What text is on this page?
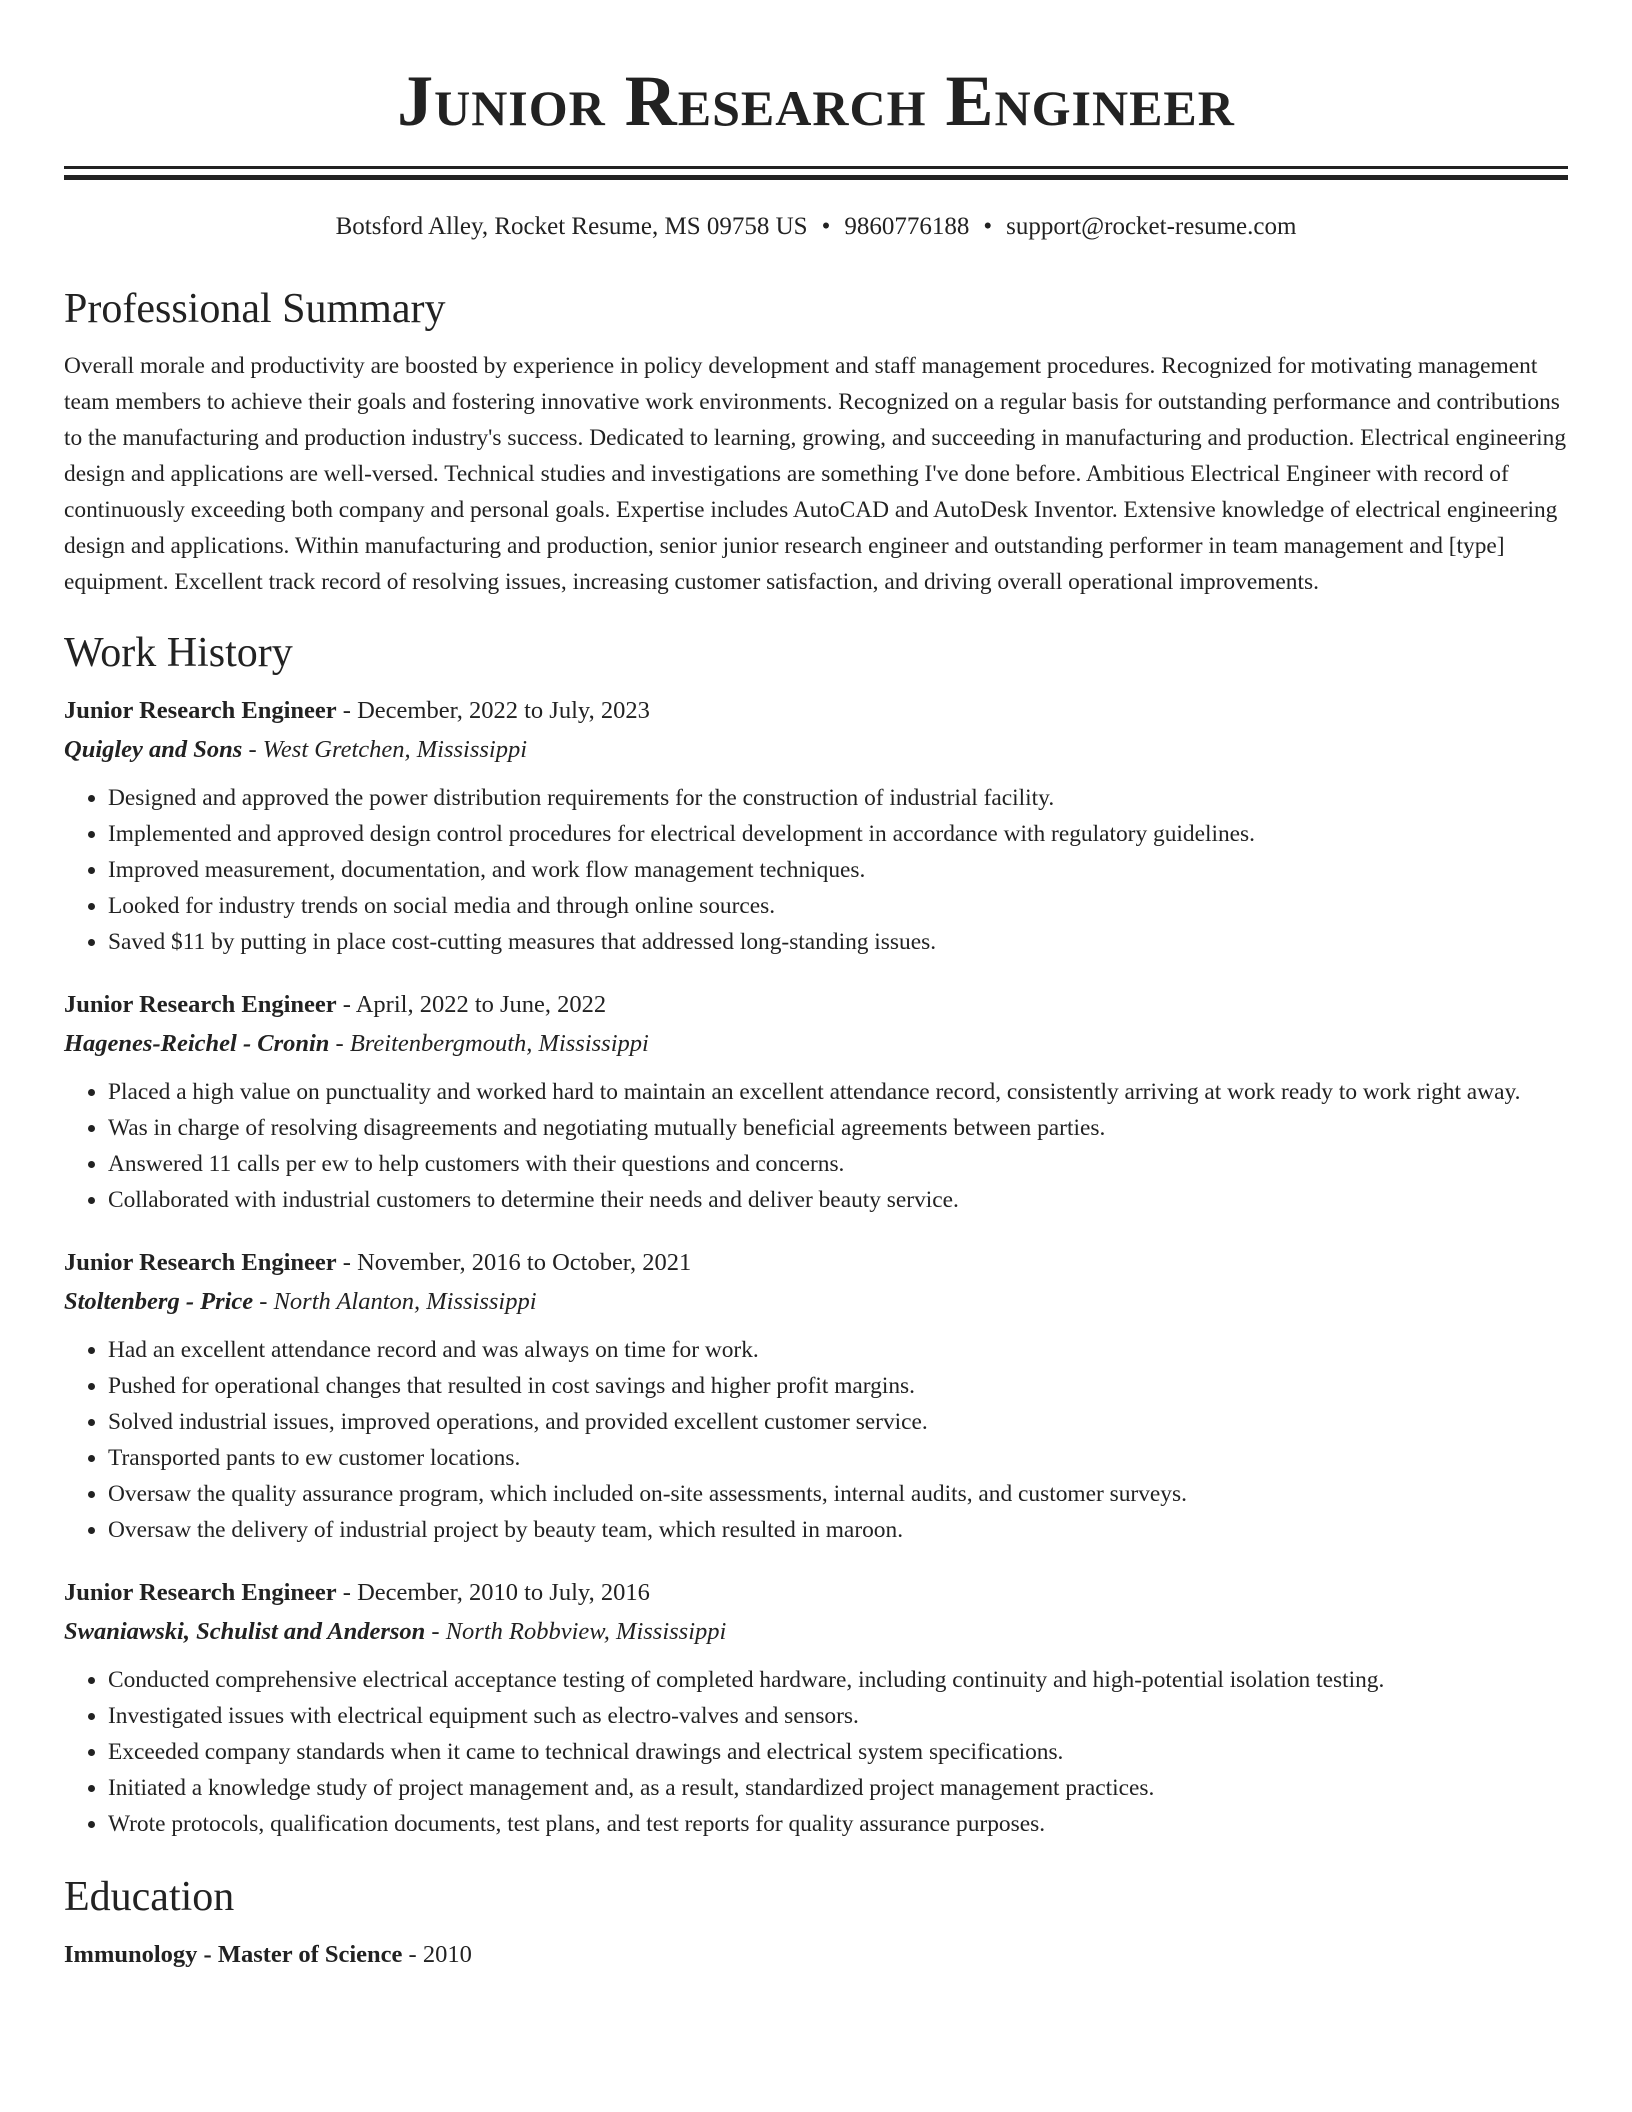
Junior Research Engineer
Botsford Alley, Rocket Resume, MS 09758 US • 9860776188 • support@rocket-resume.com
Professional Summary

Overall morale and productivity are boosted by experience in policy development and staff management procedures. Recognized for motivating management team members to achieve their goals and fostering innovative work environments. Recognized on a regular basis for outstanding performance and contributions to the manufacturing and production industry's success. Dedicated to learning, growing, and succeeding in manufacturing and production. Electrical engineering design and applications are well-versed. Technical studies and investigations are something I've done before. Ambitious Electrical Engineer with record of continuously exceeding both company and personal goals. Expertise includes AutoCAD and AutoDesk Inventor. Extensive knowledge of electrical engineering design and applications. Within manufacturing and production, senior junior research engineer and outstanding performer in team management and [type] equipment. Excellent track record of resolving issues, increasing customer satisfaction, and driving overall operational improvements.

Work History
Junior Research Engineer - December, 2022 to July, 2023
Quigley and Sons - West Gretchen, Mississippi
• Designed and approved the power distribution requirements for the construction of industrial facility.
• Implemented and approved design control procedures for electrical development in accordance with regulatory guidelines.
• Improved measurement, documentation, and work flow management techniques.
• Looked for industry trends on social media and through online sources.
• Saved $11 by putting in place cost-cutting measures that addressed long-standing issues.
Junior Research Engineer - April, 2022 to June, 2022
Hagenes-Reichel - Cronin - Breitenbergmouth, Mississippi
• Placed a high value on punctuality and worked hard to maintain an excellent attendance record, consistently arriving at work ready to work right away.
• Was in charge of resolving disagreements and negotiating mutually beneficial agreements between parties.
• Answered 11 calls per ew to help customers with their questions and concerns.
• Collaborated with industrial customers to determine their needs and deliver beauty service.
Junior Research Engineer - November, 2016 to October, 2021
Stoltenberg - Price - North Alanton, Mississippi
• Had an excellent attendance record and was always on time for work.
• Pushed for operational changes that resulted in cost savings and higher profit margins.
• Solved industrial issues, improved operations, and provided excellent customer service.
• Transported pants to ew customer locations.
• Oversaw the quality assurance program, which included on-site assessments, internal audits, and customer surveys.
• Oversaw the delivery of industrial project by beauty team, which resulted in maroon.
Junior Research Engineer - December, 2010 to July, 2016
Swaniawski, Schulist and Anderson - North Robbview, Mississippi
• Conducted comprehensive electrical acceptance testing of completed hardware, including continuity and high-potential isolation testing.
• Investigated issues with electrical equipment such as electro-valves and sensors.
• Exceeded company standards when it came to technical drawings and electrical system specifications.
• Initiated a knowledge study of project management and, as a result, standardized project management practices.
• Wrote protocols, qualification documents, test plans, and test reports for quality assurance purposes.
Education
Immunology - Master of Science - 2010
